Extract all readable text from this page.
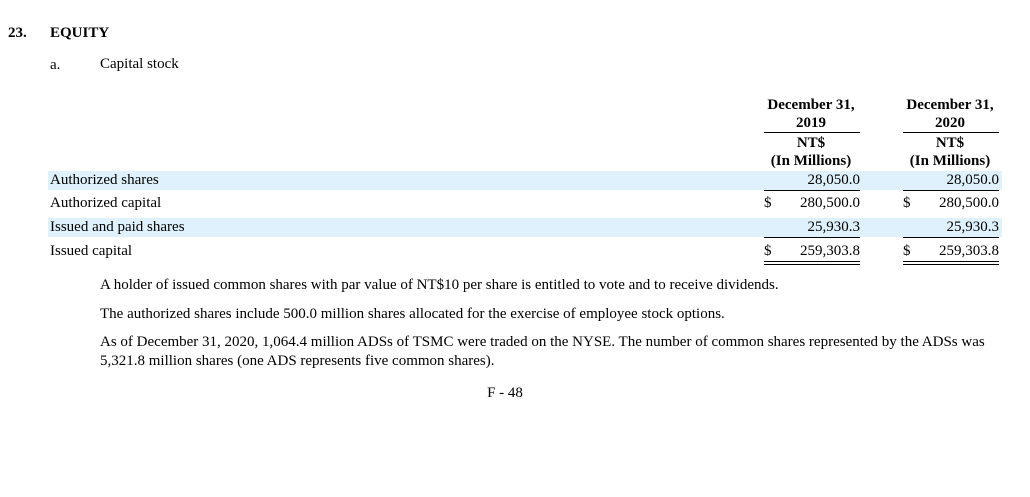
23. EQUITY
a.	Capital stock
December 31,
2019
NT$
(In Millions)
December 31,
2020
NT$
(In Millions)
Authorized shares	28,050.0	28,050.0
Authorized capital	$	280,500.0	$	280,500.0
Issued and paid shares	25,930.3	25,930.3
Issued capital	$	259,303.8	$	259,303.8
A holder of issued common shares with par value of NT$10 per share is entitled to vote and to receive dividends.
The authorized shares include 500.0 million shares allocated for the exercise of employee stock options.
As of December 31, 2020, 1,064.4 million ADSs of TSMC were traded on the NYSE. The number of common shares represented by the ADSs was 5,321.8 million shares (one ADS represents five common shares).
F - 48
